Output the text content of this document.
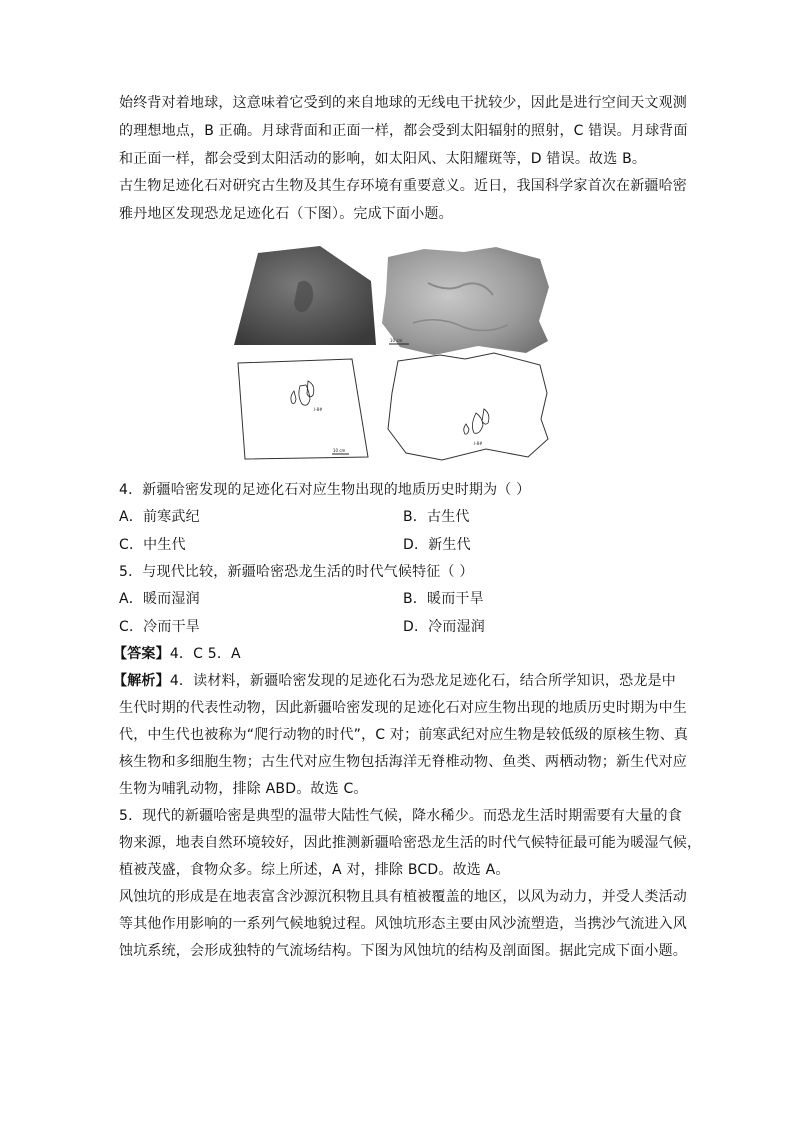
始终背对着地球，这意味着它受到的来自地球的无线电干扰较少，因此是进行空间天文观测
的理想地点，B 正确。月球背面和正面一样，都会受到太阳辐射的照射，C 错误。月球背面
和正面一样，都会受到太阳活动的影响，如太阳风、太阳耀斑等，D 错误。故选 B。
古生物足迹化石对研究古生物及其生存环境有重要意义。近日，我国科学家首次在新疆哈密
雅丹地区发现恐龙足迹化石（下图）。完成下面小题。
10 cm
I-8#
10 cm
I-8#
4．新疆哈密发现的足迹化石对应生物出现的地质历史时期为（ ）
A．前寒武纪	B．古生代
C．中生代	D．新生代
5．与现代比较，新疆哈密恐龙生活的时代气候特征（ ）
A．暖而湿润	B．暖而干旱
C．冷而干旱	D．冷而湿润
【答案】4．C 5．A
【解析】4．读材料，新疆哈密发现的足迹化石为恐龙足迹化石，结合所学知识，恐龙是中
生代时期的代表性动物，因此新疆哈密发现的足迹化石对应生物出现的地质历史时期为中生
代，中生代也被称为“爬行动物的时代”，C 对；前寒武纪对应生物是较低级的原核生物、真
核生物和多细胞生物；古生代对应生物包括海洋无脊椎动物、鱼类、两栖动物；新生代对应
生物为哺乳动物，排除 ABD。故选 C。
5．现代的新疆哈密是典型的温带大陆性气候，降水稀少。而恐龙生活时期需要有大量的食
物来源，地表自然环境较好，因此推测新疆哈密恐龙生活的时代气候特征最可能为暖湿气候，
植被茂盛，食物众多。综上所述，A 对，排除 BCD。故选 A。
风蚀坑的形成是在地表富含沙源沉积物且具有植被覆盖的地区，以风为动力，并受人类活动
等其他作用影响的一系列气候地貌过程。风蚀坑形态主要由风沙流塑造，当携沙气流进入风
蚀坑系统，会形成独特的气流场结构。下图为风蚀坑的结构及剖面图。据此完成下面小题。
